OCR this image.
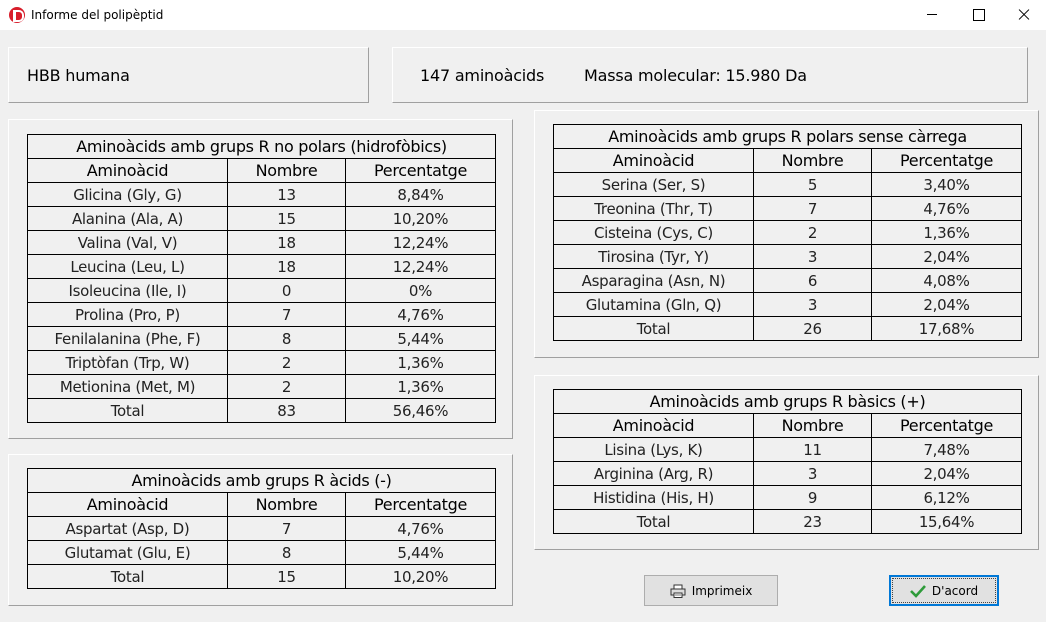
Informe del polipèptid
HBB humana	147 aminoàcids Massa molecular: 15.980 Da
Aminoàcids amb grups R no polars (hidrofòbics)		
Aminoàcid	Nombre	Percentatge
Glicina (Gly, G)	13	8,84%
Alanina (Ala, A)	15	10,20%
Valina (Val, V)	18	12,24%
Leucina (Leu, L)	18	12,24%
Isoleucina (Ile, I)	0	0%
Prolina (Pro, P)	7	4,76%
Fenilalanina (Phe, F)	8	5,44%
Triptòfan (Trp, W)	2	1,36%
Metionina (Met, M)	2	1,36%
Total	83	56,46%
Aminoàcids amb grups R àcids (-)		
Aminoàcid	Nombre	Percentatge
Aspartat (Asp, D)	7	4,76%
Glutamat (Glu, E)	8	5,44%
Total	15	10,20%
Aminoàcids amb grups R polars sense càrrega		
Aminoàcid	Nombre	Percentatge
Serina (Ser, S)	5	3,40%
Treonina (Thr, T)	7	4,76%
Cisteina (Cys, C)	2	1,36%
Tirosina (Tyr, Y)	3	2,04%
Asparagina (Asn, N)	6	4,08%
Glutamina (Gln, Q)	3	2,04%
Total	26	17,68%
Aminoàcids amb grups R bàsics (+)		
Aminoàcid	Nombre	Percentatge
Lisina (Lys, K)	11	7,48%
Arginina (Arg, R)	3	2,04%
Histidina (His, H)	9	6,12%
Total	23	15,64%
Imprimeix	D'acord
